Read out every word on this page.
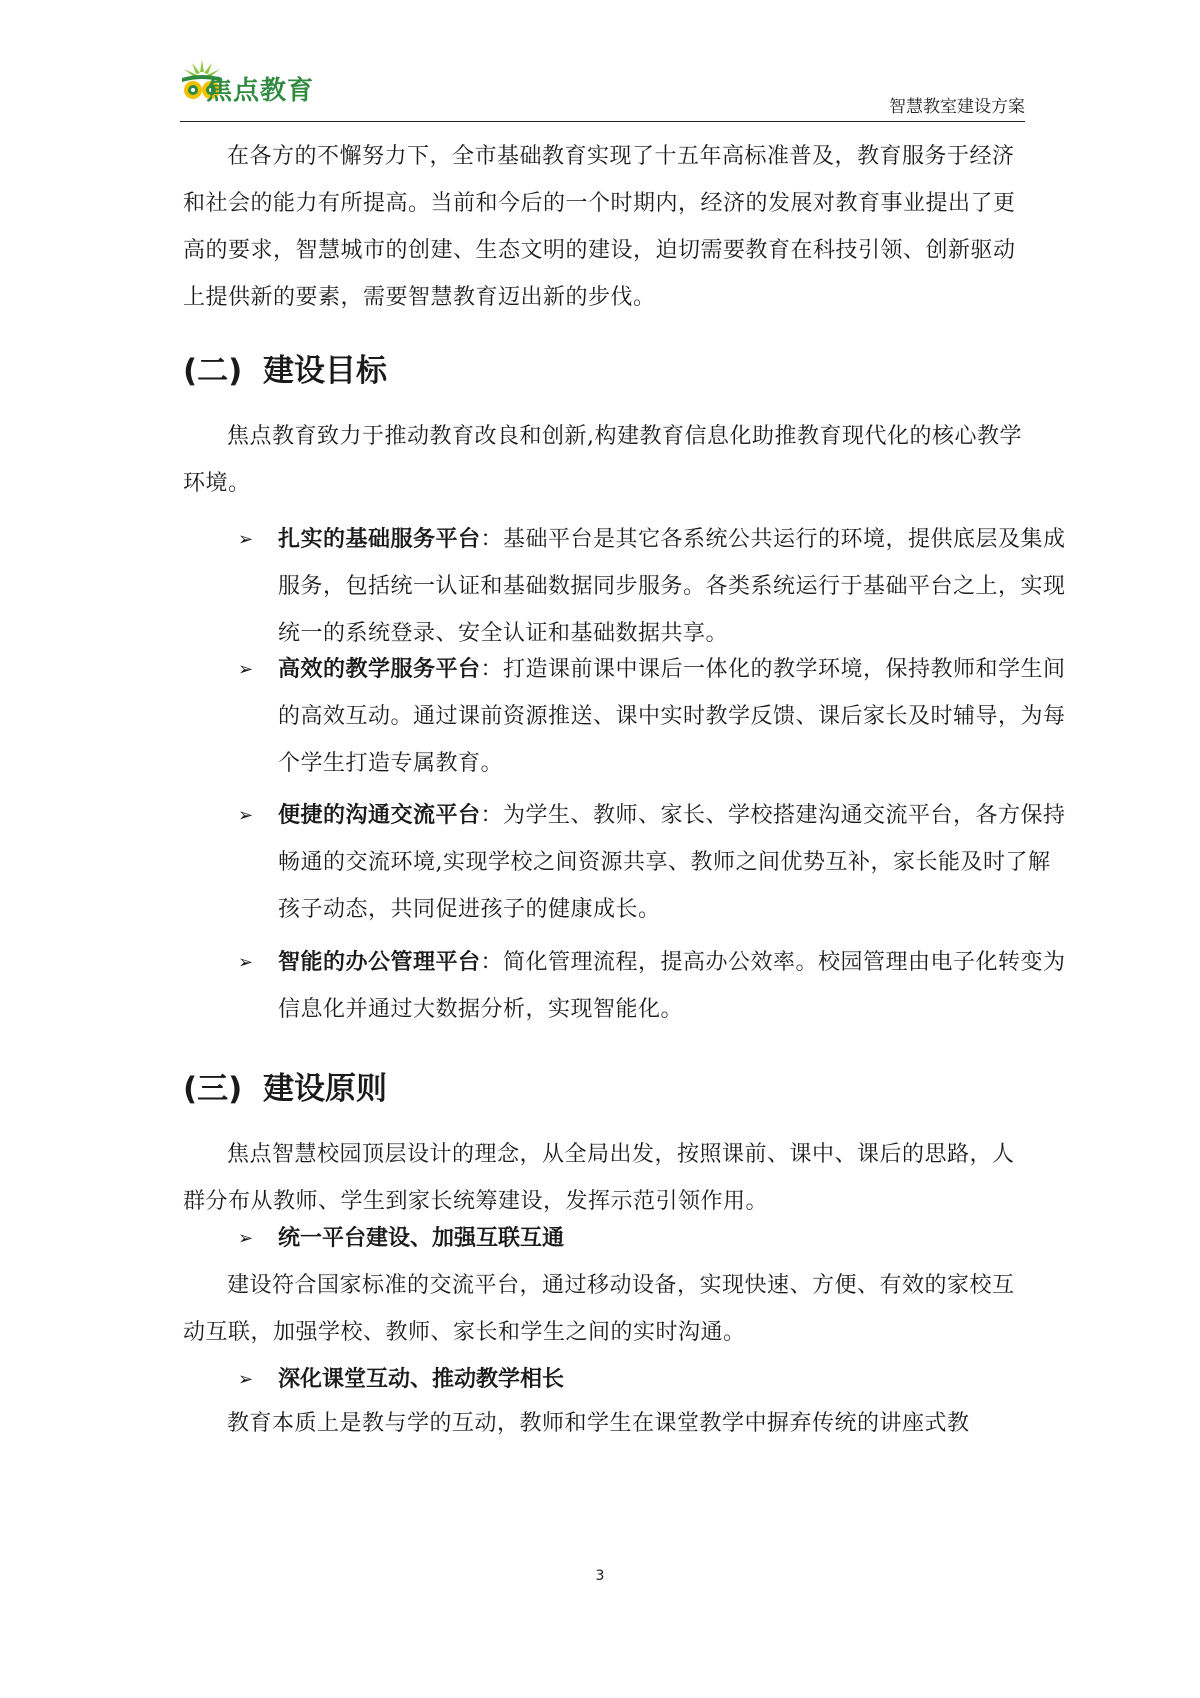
焦点教育
智慧教室建设方案

在各方的不懈努力下，全市基础教育实现了十五年高标准普及，教育服务于经济和社会的能力有所提高。当前和今后的一个时期内，经济的发展对教育事业提出了更高的要求，智慧城市的创建、生态文明的建设，迫切需要教育在科技引领、创新驱动上提供新的要素，需要智慧教育迈出新的步伐。

(二) 建设目标

焦点教育致力于推动教育改良和创新,构建教育信息化助推教育现代化的核心教学环境。

➢ 扎实的基础服务平台：基础平台是其它各系统公共运行的环境，提供底层及集成服务，包括统一认证和基础数据同步服务。各类系统运行于基础平台之上，实现统一的系统登录、安全认证和基础数据共享。
➢ 高效的教学服务平台：打造课前课中课后一体化的教学环境，保持教师和学生间的高效互动。通过课前资源推送、课中实时教学反馈、课后家长及时辅导，为每个学生打造专属教育。
➢ 便捷的沟通交流平台：为学生、教师、家长、学校搭建沟通交流平台，各方保持畅通的交流环境,实现学校之间资源共享、教师之间优势互补，家长能及时了解孩子动态，共同促进孩子的健康成长。
➢ 智能的办公管理平台：简化管理流程，提高办公效率。校园管理由电子化转变为信息化并通过大数据分析，实现智能化。
(三) 建设原则

焦点智慧校园顶层设计的理念，从全局出发，按照课前、课中、课后的思路，人群分布从教师、学生到家长统筹建设，发挥示范引领作用。

➢ 统一平台建设、加强互联互通

建设符合国家标准的交流平台，通过移动设备，实现快速、方便、有效的家校互动互联，加强学校、教师、家长和学生之间的实时沟通。

➢ 深化课堂互动、推动教学相长

教育本质上是教与学的互动，教师和学生在课堂教学中摒弃传统的讲座式教

3
